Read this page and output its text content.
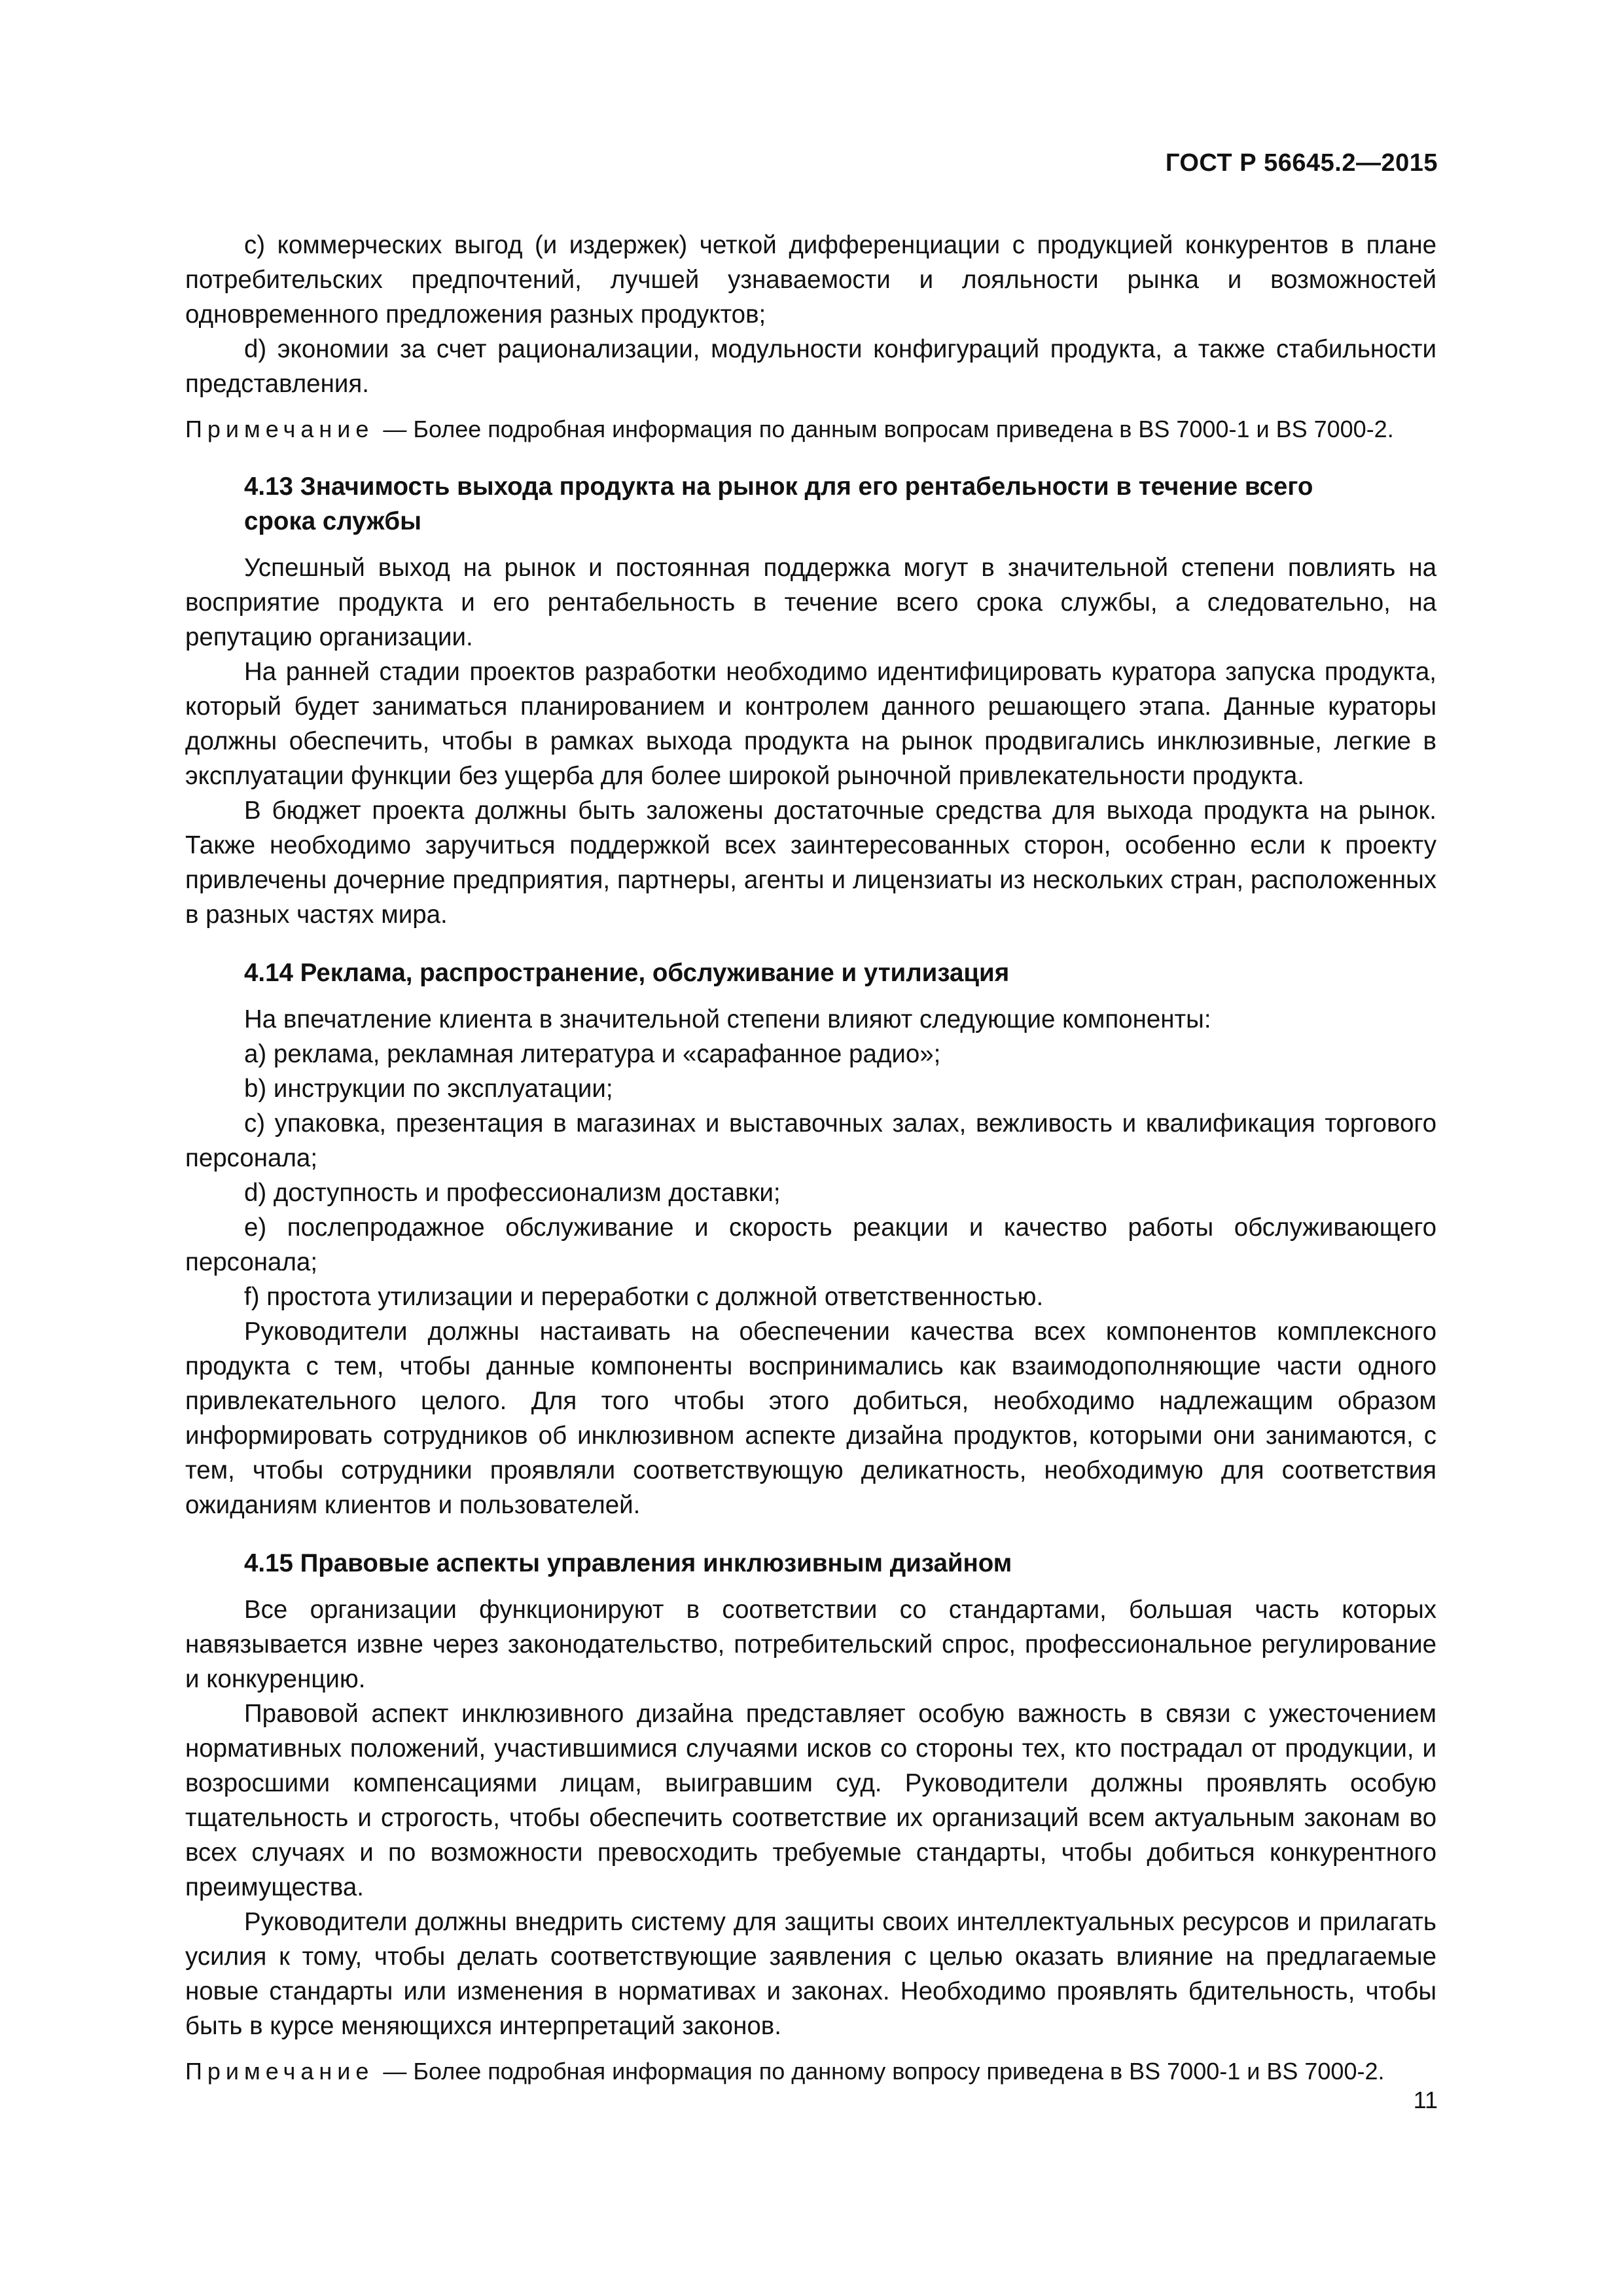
ГОСТ Р 56645.2—2015

c) коммерческих выгод (и издержек) четкой дифференциации с продукцией конкурентов в плане потребительских предпочтений, лучшей узнаваемости и лояльности рынка и возможностей одновременного предложения разных продуктов;

d) экономии за счет рационализации, модульности конфигураций продукта, а также стабильности представления.

Примечание — Более подробная информация по данным вопросам приведена в BS 7000-1 и BS 7000-2.

4.13 Значимость выхода продукта на рынок для его рентабельности в течение всего
срока службы

Успешный выход на рынок и постоянная поддержка могут в значительной степени повлиять на восприятие продукта и его рентабельность в течение всего срока службы, а следовательно, на репутацию организации.

На ранней стадии проектов разработки необходимо идентифицировать куратора запуска продукта, который будет заниматься планированием и контролем данного решающего этапа. Данные кураторы должны обеспечить, чтобы в рамках выхода продукта на рынок продвигались инклюзивные, легкие в эксплуатации функции без ущерба для более широкой рыночной привлекательности продукта.

В бюджет проекта должны быть заложены достаточные средства для выхода продукта на рынок. Также необходимо заручиться поддержкой всех заинтересованных сторон, особенно если к проекту привлечены дочерние предприятия, партнеры, агенты и лицензиаты из нескольких стран, расположенных в разных частях мира.

4.14 Реклама, распространение, обслуживание и утилизация

На впечатление клиента в значительной степени влияют следующие компоненты:

a) реклама, рекламная литература и «сарафанное радио»;

b) инструкции по эксплуатации;

c) упаковка, презентация в магазинах и выставочных залах, вежливость и квалификация торгового персонала;

d) доступность и профессионализм доставки;

e) послепродажное обслуживание и скорость реакции и качество работы обслуживающего персонала;

f) простота утилизации и переработки с должной ответственностью.

Руководители должны настаивать на обеспечении качества всех компонентов комплексного продукта с тем, чтобы данные компоненты воспринимались как взаимодополняющие части одного привлекательного целого. Для того чтобы этого добиться, необходимо надлежащим образом информировать сотрудников об инклюзивном аспекте дизайна продуктов, которыми они занимаются, с тем, чтобы сотрудники проявляли соответствующую деликатность, необходимую для соответствия ожиданиям клиентов и пользователей.

4.15 Правовые аспекты управления инклюзивным дизайном

Все организации функционируют в соответствии со стандартами, большая часть которых навязывается извне через законодательство, потребительский спрос, профессиональное регулирование и конкуренцию.

Правовой аспект инклюзивного дизайна представляет особую важность в связи с ужесточением нормативных положений, участившимися случаями исков со стороны тех, кто пострадал от продукции, и возросшими компенсациями лицам, выигравшим суд. Руководители должны проявлять особую тщательность и строгость, чтобы обеспечить соответствие их организаций всем актуальным законам во всех случаях и по возможности превосходить требуемые стандарты, чтобы добиться конкурентного преимущества.

Руководители должны внедрить систему для защиты своих интеллектуальных ресурсов и прилагать усилия к тому, чтобы делать соответствующие заявления с целью оказать влияние на предлагаемые новые стандарты или изменения в нормативах и законах. Необходимо проявлять бдительность, чтобы быть в курсе меняющихся интерпретаций законов.

Примечание — Более подробная информация по данному вопросу приведена в BS 7000-1 и BS 7000-2.

11
